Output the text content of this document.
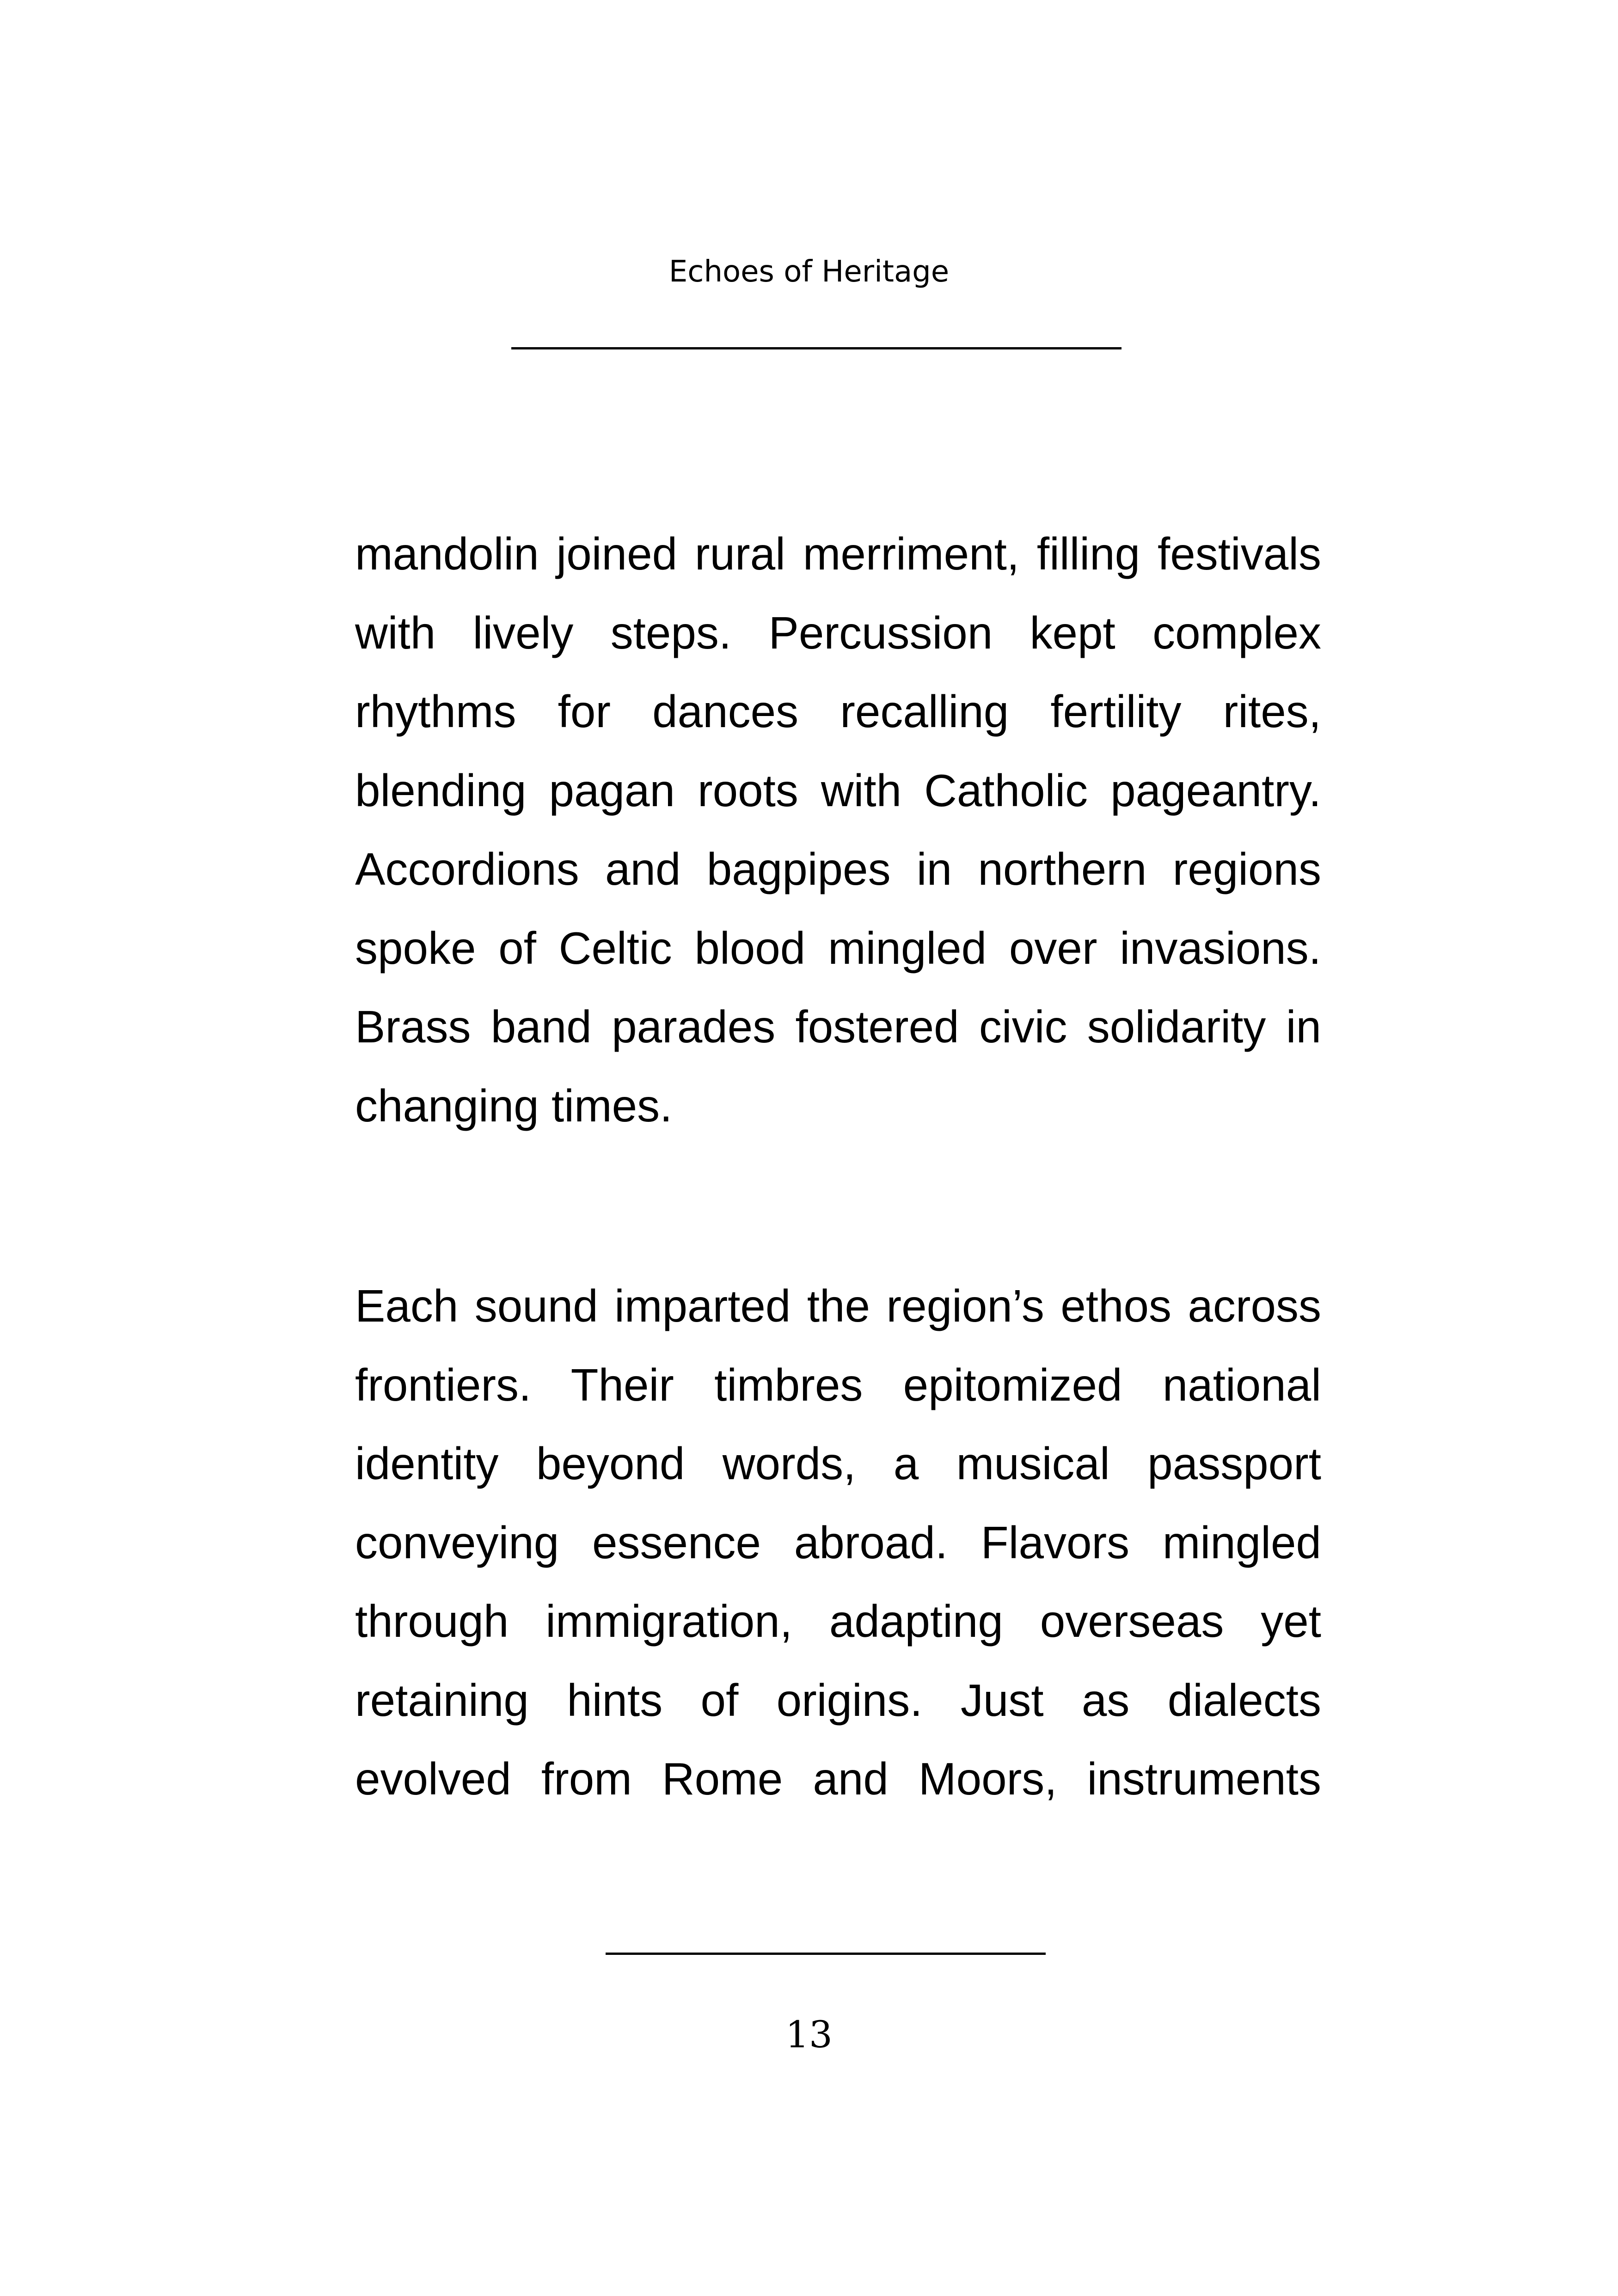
Echoes of Heritage

mandolin joined rural merriment, filling festivals
with lively steps. Percussion kept complex
rhythms for dances recalling fertility rites,
blending pagan roots with Catholic pageantry.
Accordions and bagpipes in northern regions
spoke of Celtic blood mingled over invasions.
Brass band parades fostered civic solidarity in
changing times.

Each sound imparted the region’s ethos across
frontiers. Their timbres epitomized national
identity beyond words, a musical passport
conveying essence abroad. Flavors mingled
through immigration, adapting overseas yet
retaining hints of origins. Just as dialects
evolved from Rome and Moors, instruments

13
